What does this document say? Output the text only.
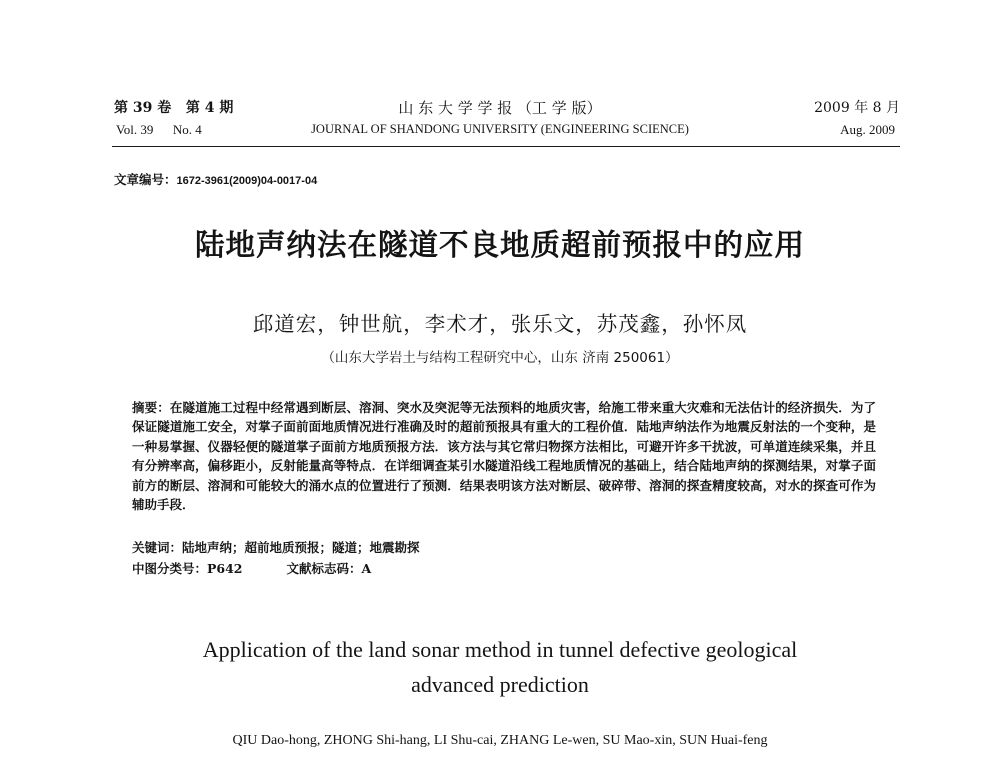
第 39 卷 第 4 期
Vol. 39 No. 4
山 东 大 学 学 报 （工 学 版）
JOURNAL OF SHANDONG UNIVERSITY (ENGINEERING SCIENCE)
2009 年 8 月
Aug. 2009
文章编号：1672-3961(2009)04-0017-04
陆地声纳法在隧道不良地质超前预报中的应用
邱道宏，钟世航，李术才，张乐文，苏茂鑫，孙怀凤
（山东大学岩土与结构工程研究中心，山东 济南 250061）
摘要：在隧道施工过程中经常遇到断层、溶洞、突水及突泥等无法预料的地质灾害，给施工带来重大灾难和无法估计的经济损失．为了保证隧道施工安全，对掌子面前面地质情况进行准确及时的超前预报具有重大的工程价值．陆地声纳法作为地震反射法的一个变种，是一种易掌握、仪器轻便的隧道掌子面前方地质预报方法．该方法与其它常归物探方法相比，可避开许多干扰波，可单道连续采集，并且有分辨率高，偏移距小，反射能量高等特点．在详细调查某引水隧道沿线工程地质情况的基础上，结合陆地声纳的探测结果，对掌子面前方的断层、溶洞和可能较大的涌水点的位置进行了预测．结果表明该方法对断层、破碎带、溶洞的探查精度较高，对水的探查可作为辅助手段．
关键词：陆地声纳；超前地质预报；隧道；地震勘探
中图分类号：P642	文献标志码：A
Application of the land sonar method in tunnel defective geological
advanced prediction
QIU Dao-hong, ZHONG Shi-hang, LI Shu-cai, ZHANG Le-wen, SU Mao-xin, SUN Huai-feng
